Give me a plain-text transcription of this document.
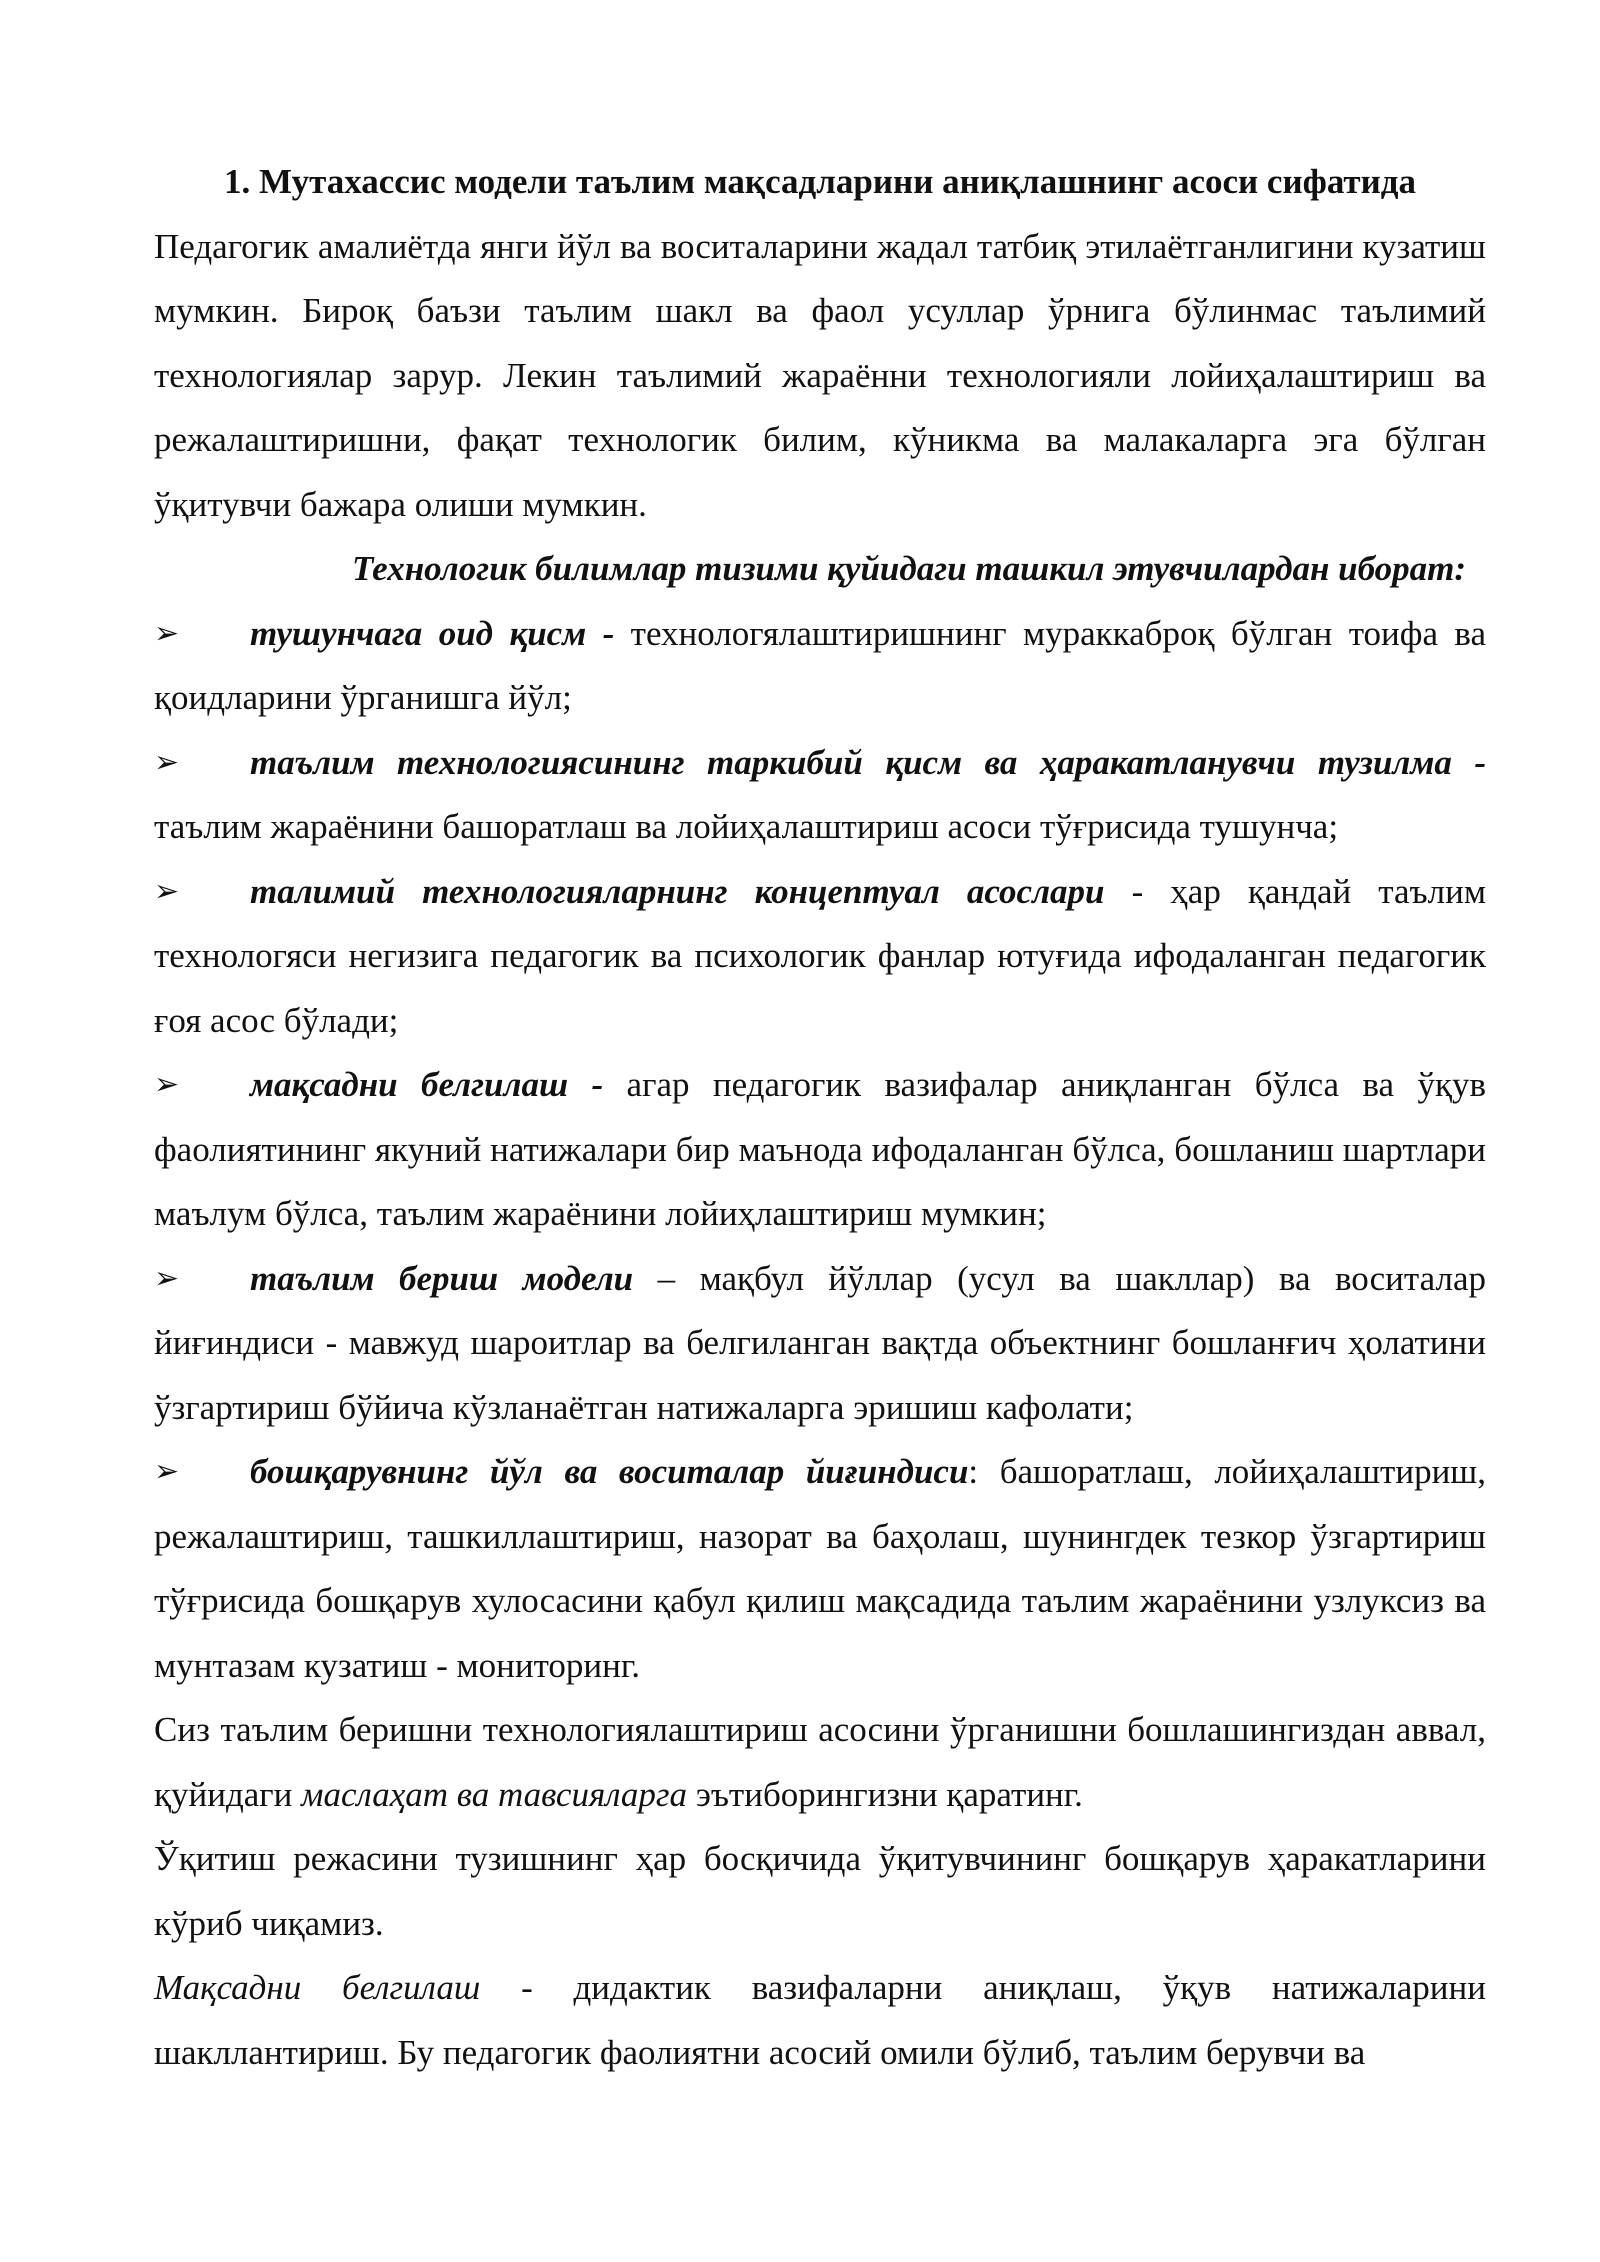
1. Мутахассис модели таълим мақсадларини аниқлашнинг асоси сифатида

Педагогик амалиётда янги йўл ва воситаларини жадал татбиқ этилаётганлигини кузатиш мумкин. Бироқ баъзи таълим шакл ва фаол усуллар ўрнига бўлинмас таълимий технологиялар зарур. Лекин таълимий жараённи технологияли лойиҳалаштириш ва режалаштиришни, фақат технологик билим, кўникма ва малакаларга эга бўлган ўқитувчи бажара олиши мумкин.

Технологик билимлар тизими қуйидаги ташкил этувчилардан иборат:

➢ тушунчага оид қисм - технологялаштиришнинг мураккаброқ бўлган тоифа ва қоидларини ўрганишга йўл;

➢ таълим технологиясининг таркибий қисм ва ҳаракатланувчи тузилма - таълим жараёнини башоратлаш ва лойиҳалаштириш асоси тўғрисида тушунча;

➢ талимий технологияларнинг концептуал асослари - ҳар қандай таълим технологяси негизига педагогик ва психологик фанлар ютуғида ифодаланган педагогик ғоя асос бўлади;

➢ мақсадни белгилаш - агар педагогик вазифалар аниқланган бўлса ва ўқув фаолиятининг якуний натижалари бир маънода ифодаланган бўлса, бошланиш шартлари маълум бўлса, таълим жараёнини лойиҳлаштириш мумкин;

➢ таълим бериш модели – мақбул йўллар (усул ва шакллар) ва воситалар йиғиндиси - мавжуд шароитлар ва белгиланган вақтда объектнинг бошланғич ҳолатини ўзгартириш бўйича кўзланаётган натижаларга эришиш кафолати;

➢ бошқарувнинг йўл ва воситалар йиғиндиси: башоратлаш, лойиҳалаштириш, режалаштириш, ташкиллаштириш, назорат ва баҳолаш, шунингдек тезкор ўзгартириш тўғрисида бошқарув хулосасини қабул қилиш мақсадида таълим жараёнини узлуксиз ва мунтазам кузатиш - мониторинг.

Сиз таълим беришни технологиялаштириш асосини ўрганишни бошлашингиздан аввал, қуйидаги маслаҳат ва тавсияларга эътиборингизни қаратинг.

Ўқитиш режасини тузишнинг ҳар босқичида ўқитувчининг бошқарув ҳаракатларини кўриб чиқамиз.

Мақсадни белгилаш - дидактик вазифаларни аниқлаш, ўқув натижаларини шакллантириш. Бу педагогик фаолиятни асосий омили бўлиб, таълим берувчи ва
